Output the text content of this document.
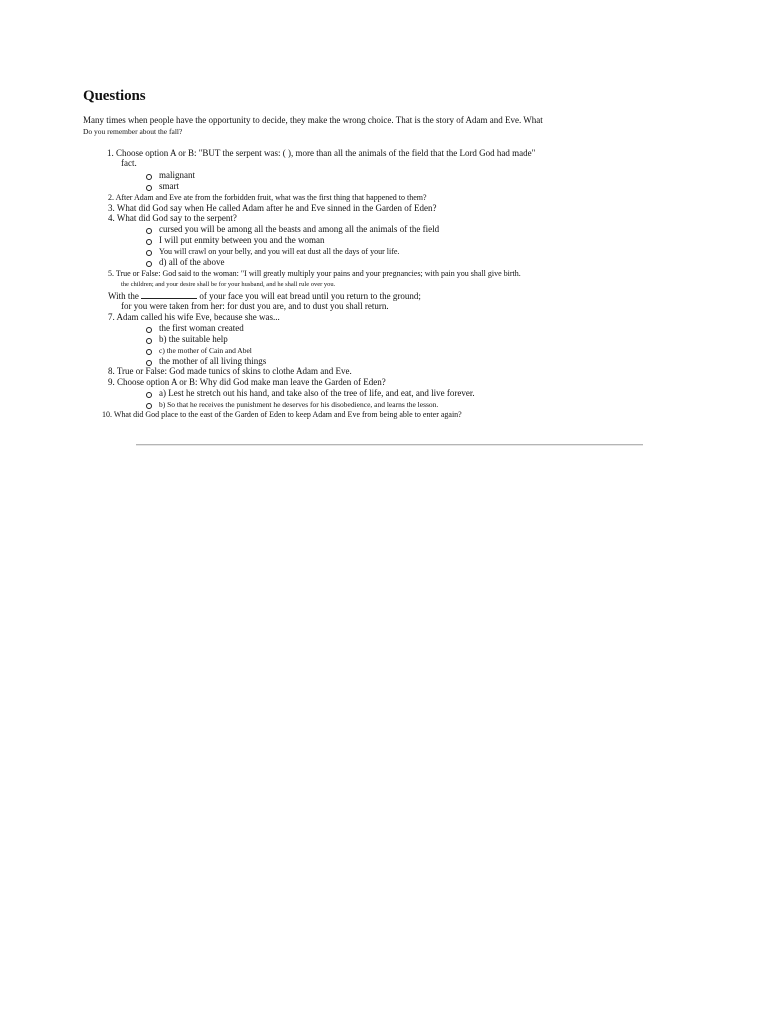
Questions
Many times when people have the opportunity to decide, they make the wrong choice. That is the story of Adam and Eve. What
Do you remember about the fall?
1. Choose option A or B: "BUT the serpent was: ( ), more than all the animals of the field that the Lord God had made"
fact.
malignant
smart
2. After Adam and Eve ate from the forbidden fruit, what was the first thing that happened to them?
3. What did God say when He called Adam after he and Eve sinned in the Garden of Eden?
4. What did God say to the serpent?
cursed you will be among all the beasts and among all the animals of the field
I will put enmity between you and the woman
You will crawl on your belly, and you will eat dust all the days of your life.
d) all of the above
5. True or False: God said to the woman: "I will greatly multiply your pains and your pregnancies; with pain you shall give birth.
the children; and your desire shall be for your husband, and he shall rule over you.
With the	of your face you will eat bread until you return to the ground;
for you were taken from her: for dust you are, and to dust you shall return.
7. Adam called his wife Eve, because she was...
the first woman created
b) the suitable help
c) the mother of Cain and Abel
the mother of all living things
8. True or False: God made tunics of skins to clothe Adam and Eve.
9. Choose option A or B: Why did God make man leave the Garden of Eden?
a) Lest he stretch out his hand, and take also of the tree of life, and eat, and live forever.
b) So that he receives the punishment he deserves for his disobedience, and learns the lesson.
10. What did God place to the east of the Garden of Eden to keep Adam and Eve from being able to enter again?
